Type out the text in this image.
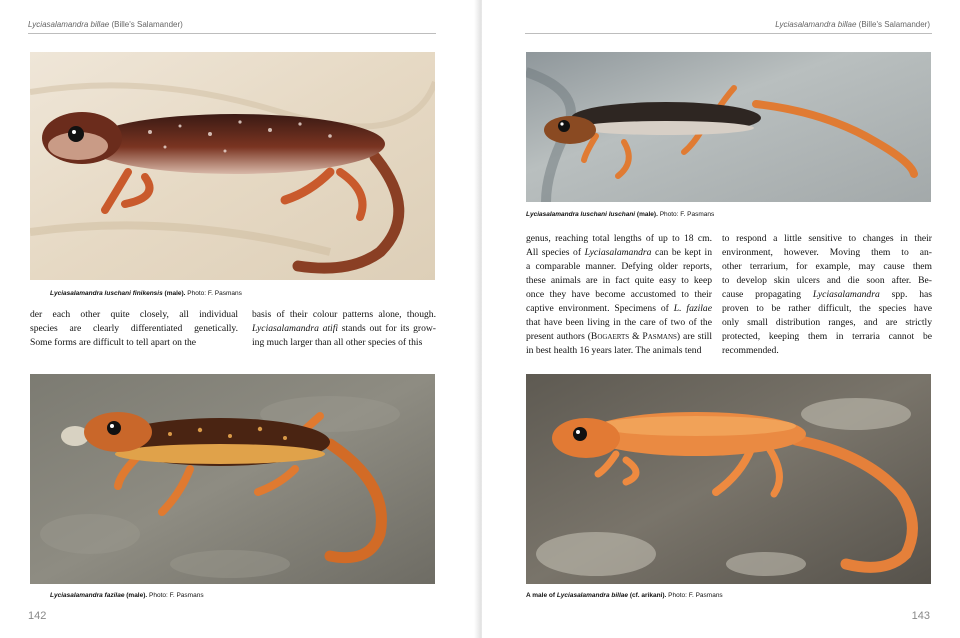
Lyciasalamandra billae (Bille's Salamander)
Lyciasalamandra luschani finikensis (male). Photo: F. Pasmans
der each other quite closely, all individual
species are clearly differentiated genetically.
Some forms are difficult to tell apart on the
basis of their colour patterns alone, though.
Lyciasalamandra atifi stands out for its grow-
ing much larger than all other species of this
Lyciasalamandra fazilae (male). Photo: F. Pasmans
142
Lyciasalamandra billae (Bille's Salamander)
Lyciasalamandra luschani luschani (male). Photo: F. Pasmans
genus, reaching total lengths of up to 18 cm.
All species of Lyciasalamandra can be kept in
a comparable manner. Defying older reports,
these animals are in fact quite easy to keep
once they have become accustomed to their
captive environment. Specimens of L. fazilae
that have been living in the care of two of the
present authors (Bogaerts & Pasmans) are still
in best health 16 years later. The animals tend
to respond a little sensitive to changes in their
environment, however. Moving them to an-
other terrarium, for example, may cause them
to develop skin ulcers and die soon after. Be-
cause propagating Lyciasalamandra spp. has
proven to be rather difficult, the species have
only small distribution ranges, and are strictly
protected, keeping them in terraria cannot be
recommended.
A male of Lyciasalamandra billae (cf. arikani). Photo: F. Pasmans
143
